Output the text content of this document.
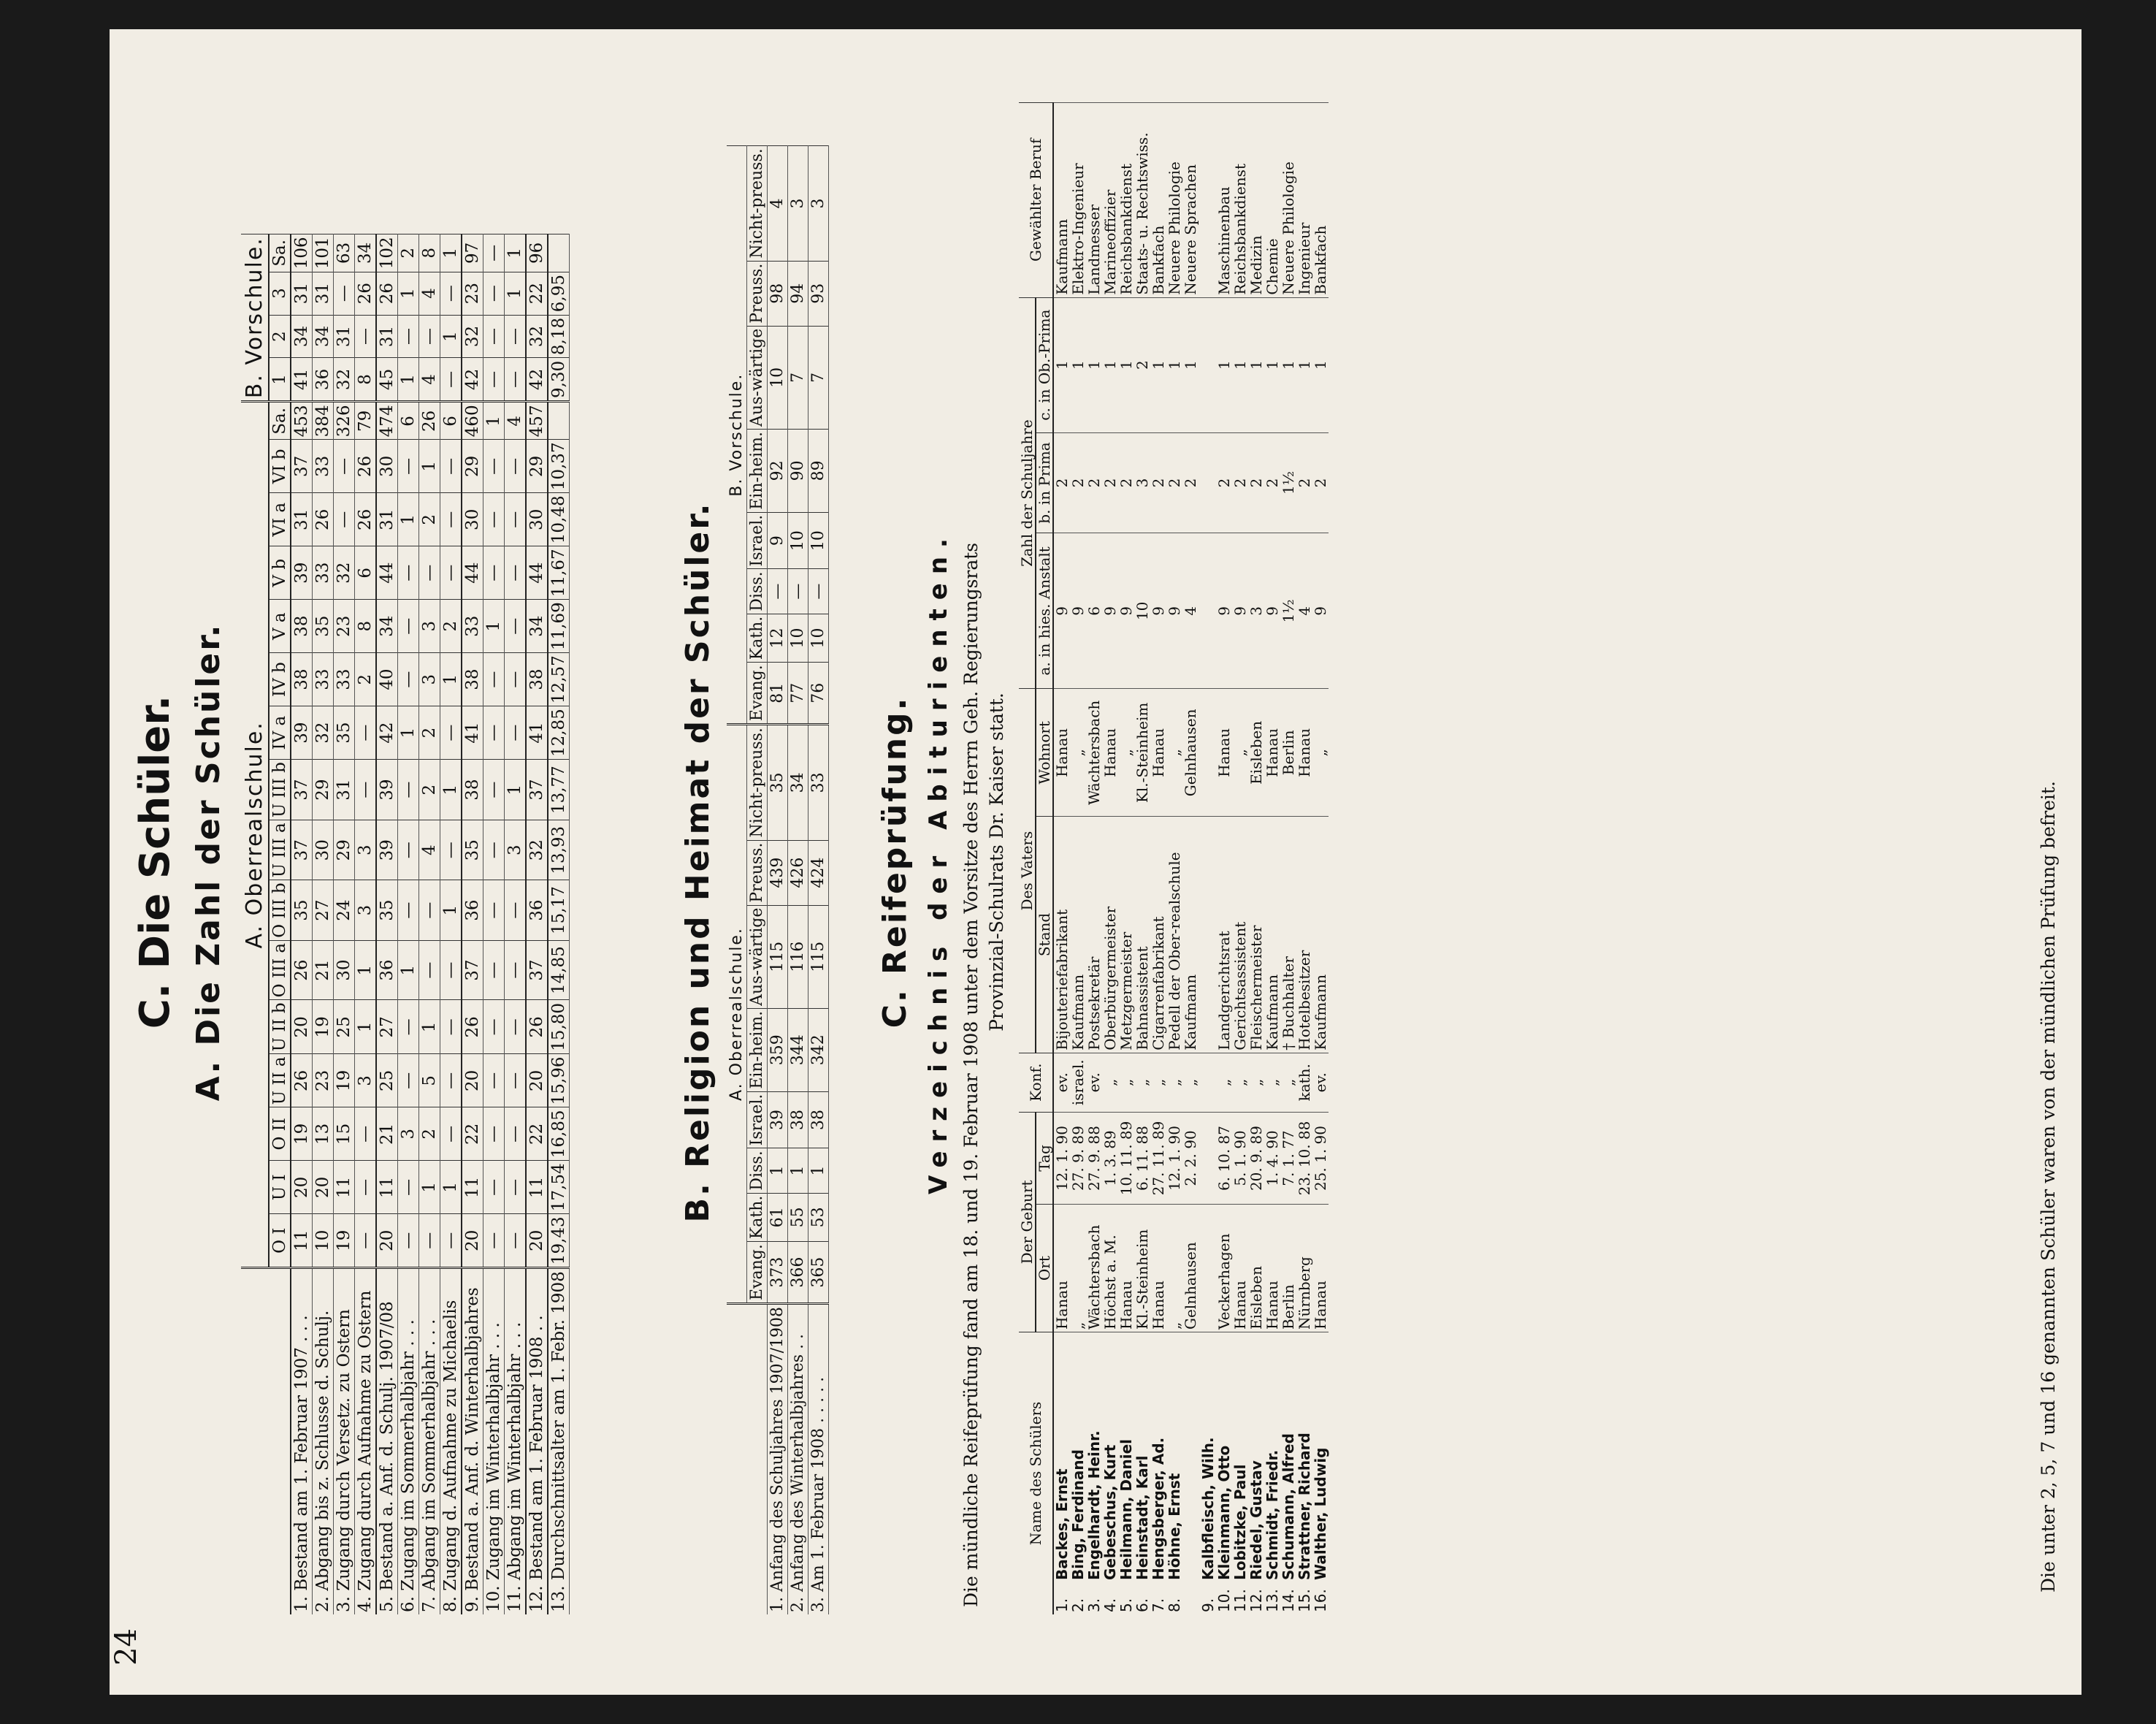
24
C. Die Schüler. A. Die Zahl der Schüler.
	A. Oberrealschule.																B. Vorschule.			
	O I	U I	O II	U II a	U II b	O III a	O III b	U III a	U III b	IV a	IV b	V a	V b	VI a	VI b	Sa.	1	2	3	Sa.
1. Bestand am 1. Februar 1907 . . .	11	20	19	26	20	26	35	37	37	39	38	38	39	31	37	453	41	34	31	106
2. Abgang bis z. Schlusse d. Schulj.	10	20	13	23	19	21	27	30	29	32	33	35	33	26	33	384	36	34	31	101
3. Zugang durch Versetz. zu Ostern	19	11	15	19	25	30	24	29	31	35	33	23	32	—	—	326	32	31	—	63
4. Zugang durch Aufnahme zu Ostern	—	—	—	3	1	1	3	3	—	—	2	8	6	26	26	79	8	—	26	34
5. Bestand a. Anf. d. Schulj. 1907/08	20	11	21	25	27	36	35	39	39	42	40	34	44	31	30	474	45	31	26	102
6. Zugang im Sommerhalbjahr . . .	—	—	3	—	—	1	—	—	—	1	—	—	—	1	—	6	1	—	1	2
7. Abgang im Sommerhalbjahr . . .	—	1	2	5	1	—	—	4	2	2	3	3	—	2	1	26	4	—	4	8
8. Zugang d. Aufnahme zu Michaelis	—	1	—	—	—	—	1	—	1	—	1	2	—	—	—	6	—	1	—	1
9. Bestand a. Anf. d. Winterhalbjahres	20	11	22	20	26	37	36	35	38	41	38	33	44	30	29	460	42	32	23	97
10. Zugang im Winterhalbjahr . . .	—	—	—	—	—	—	—	—	—	—	—	1	—	—	—	1	—	—	—	—
11. Abgang im Winterhalbjahr . . .	—	—	—	—	—	—	—	3	1	—	—	—	—	—	—	4	—	—	1	1
12. Bestand am 1. Februar 1908 . .	20	11	22	20	26	37	36	32	37	41	38	34	44	30	29	457	42	32	22	96
13. Durchschnittsalter am 1. Febr. 1908	19,43	17,54	16,85	15,96	15,80	14,85	15,17	13,93	13,77	12,85	12,57	11,69	11,67	10,48	10,37		9,30	8,18	6,95	
B. Religion und Heimat der Schüler.
	A. Oberrealschule.								B. Vorschule.							
	Evang.	Kath.	Diss.	Israel.	Ein-heim.	Aus-wärtige	Preuss.	Nicht-preuss.	Evang.	Kath.	Diss.	Israel.	Ein-heim.	Aus-wärtige	Preuss.	Nicht-preuss.
1. Anfang des Schuljahres 1907/1908	373	61	1	39	359	115	439	35	81	12	—	9	92	10	98	4
2. Anfang des Winterhalbjahres . .	366	55	1	38	344	116	426	34	77	10	—	10	90	7	94	3
3. Am 1. Februar 1908 . . . . .	365	53	1	38	342	115	424	33	76	10	—	10	89	7	93	3
C. Reifeprüfung. Verzeichnis der Abiturienten. Die mündliche Reifeprüfung fand am 18. und 19. Februar 1908 unter dem Vorsitze des Herrn Geh. Regierungsrats Provinzial-Schulrats Dr. Kaiser statt.
Name des Schülers	Der Geburt		Konf.	Des Vaters		Zahl der Schuljahre			Gewählter Beruf
	Ort	Tag		Stand	Wohnort	a. in hies. Anstalt	b. in Prima	c. in Ob.-Prima	
1.Backes, Ernst	Hanau	12. 1. 90	ev.	Bijouteriefabrikant	Hanau	9	2	1	Kaufmann
2.Bing, Ferdinand	„	27. 9. 89	israel.	Kaufmann	„	9	2	1	Elektro-Ingenieur
3.Engelhardt, Heinr.	Wächtersbach	27. 9. 88	ev.	Postsekretär	Wächtersbach	6	2	1	Landmesser
4.Gebeschus, Kurt	Höchst a. M.	1. 3. 89	„	Oberbürgermeister	Hanau	9	2	1	Marineoffizier
5.Heilmann, Daniel	Hanau	10. 11. 89	„	Metzgermeister	„	9	2	1	Reichsbankdienst
6.Heinstadt, Karl	Kl.-Steinheim	6. 11. 88	„	Bahnassistent	Kl.-Steinheim	10	3	2	Staats- u. Rechtswiss.
7.Hengsberger, Ad.	Hanau	27. 11. 89	„	Cigarrenfabrikant	Hanau	9	2	1	Bankfach
8.Höhne, Ernst	„	12. 1. 90	„	Pedell der Ober-realschule	„	9	2	1	Neuere Philologie
9.Kalbfleisch, Wilh.	Gelnhausen	2. 2. 90	„	Kaufmann	Gelnhausen	4	2	1	Neuere Sprachen
10.Kleinmann, Otto	Veckerhagen	6. 10. 87	„	Landgerichtsrat	Hanau	9	2	1	Maschinenbau
11.Lobitzke, Paul	Hanau	5. 1. 90	„	Gerichtsassistent	„	9	2	1	Reichsbankdienst
12.Riedel, Gustav	Eisleben	20. 9. 89	„	Fleischermeister	Eisleben	3	2	1	Medizin
13.Schmidt, Friedr.	Hanau	1. 4. 90	„	Kaufmann	Hanau	9	2	1	Chemie
14.Schumann, Alfred	Berlin	7. 1. 77	„	† Buchhalter	Berlin	1½	1½	1	Neuere Philologie
15.Strattner, Richard	Nürnberg	23. 10. 88	kath.	Hotelbesitzer	Hanau	4	2	1	Ingenieur
16.Walther, Ludwig	Hanau	25. 1. 90	ev.	Kaufmann	„	9	2	1	Bankfach
Die unter 2, 5, 7 und 16 genannten Schüler waren von der mündlichen Prüfung befreit.
